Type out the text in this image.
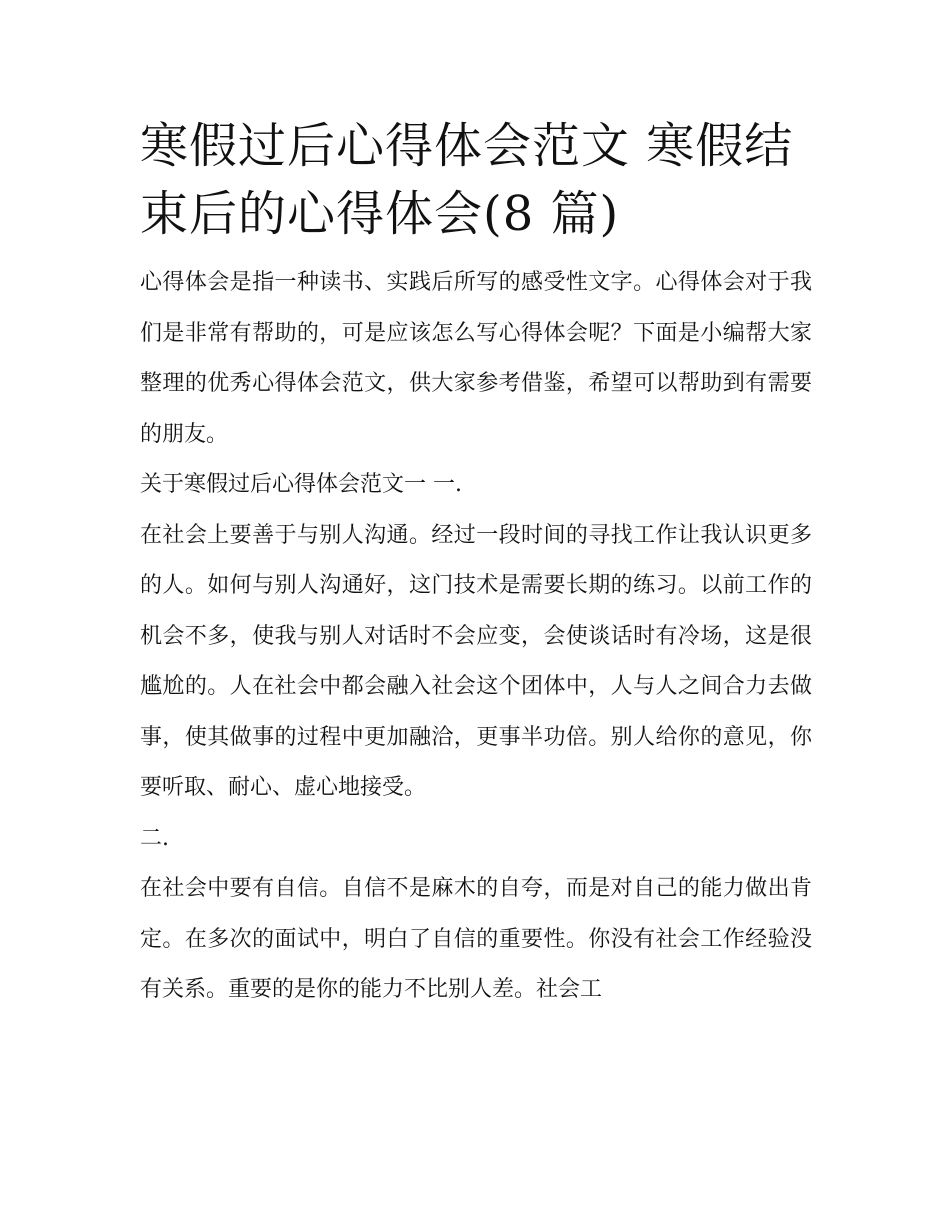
寒假过后心得体会范文 寒假结
束后的心得体会(8 篇)

心得体会是指一种读书、实践后所写的感受性文字。心得体会对于我们是非常有帮助的，可是应该怎么写心得体会呢？下面是小编帮大家整理的优秀心得体会范文，供大家参考借鉴，希望可以帮助到有需要的朋友。

关于寒假过后心得体会范文一 一.

在社会上要善于与别人沟通。经过一段时间的寻找工作让我认识更多的人。如何与别人沟通好，这门技术是需要长期的练习。以前工作的机会不多，使我与别人对话时不会应变，会使谈话时有冷场，这是很尴尬的。人在社会中都会融入社会这个团体中，人与人之间合力去做事，使其做事的过程中更加融洽，更事半功倍。别人给你的意见，你要听取、耐心、虚心地接受。

二.

在社会中要有自信。自信不是麻木的自夸，而是对自己的能力做出肯定。在多次的面试中，明白了自信的重要性。你没有社会工作经验没有关系。重要的是你的能力不比别人差。社会工
